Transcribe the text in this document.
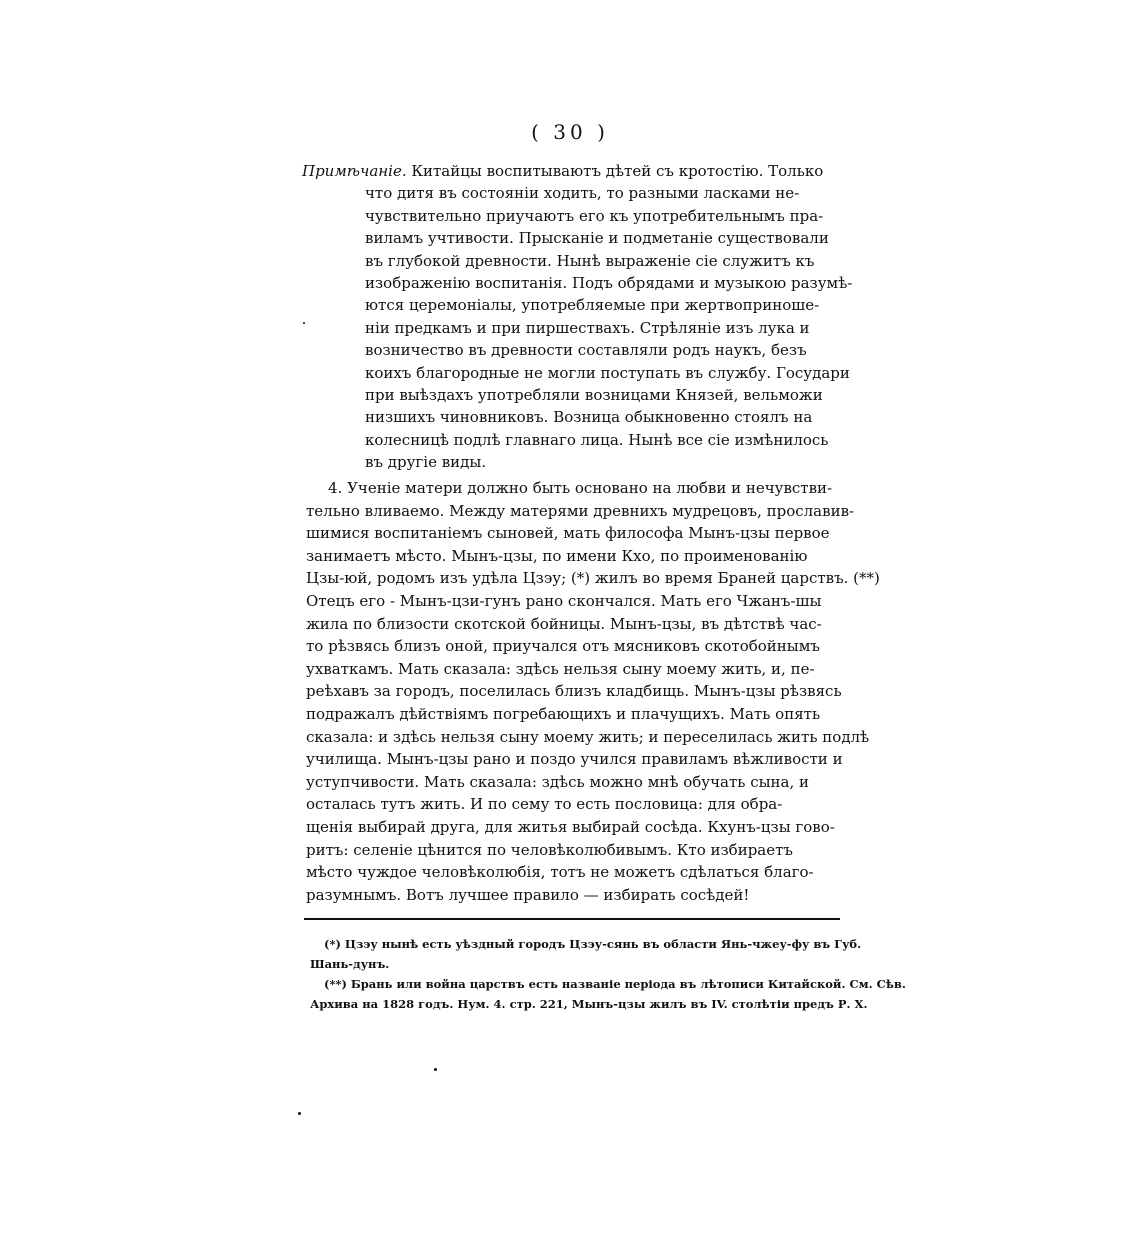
( 30 )
Примѣчаніе. Китайцы воспитываютъ дѣтей съ кротостію. Только
что дитя въ состояніи ходить, то разными ласками не-
чувствительно приучаютъ его къ употребительнымъ пра-
виламъ учтивости. Прысканіе и подметаніе существовали
въ глубокой древности. Нынѣ выраженіе сіе служитъ къ
изображенію воспитанія. Подъ обрядами и музыкою разумѣ-
ются церемоніалы, употребляемые при жертвоприноше-
ніи предкамъ и при пиршествахъ. Стрѣляніе изъ лука и
возничество въ древности составляли родъ наукъ, безъ
коихъ благородные не могли поступать въ службу. Государи
при выѣздахъ употребляли возницами Князей, вельможи
низшихъ чиновниковъ. Возница обыкновенно стоялъ на
колесницѣ подлѣ главнаго лица. Нынѣ все сіе измѣнилось
въ другіе виды.
4. Ученіе матери должно быть основано на любви и нечувстви-
тельно вливаемо. Между матерями древнихъ мудрецовъ, прославив-
шимися воспитаніемъ сыновей, мать философа Мынъ-цзы первое
занимаетъ мѣсто. Мынъ-цзы, по имени Кхо, по проименованію
Цзы-юй, родомъ изъ удѣла Цзэу; (*) жилъ во время Браней царствъ. (**)
Отецъ его - Мынъ-цзи-гунъ рано скончался. Мать его Чжанъ-шы
жила по близости скотской бойницы. Мынъ-цзы, въ дѣтствѣ час-
то рѣзвясь близъ оной, приучался отъ мясниковъ скотобойнымъ
ухваткамъ. Мать сказала: здѣсь нельзя сыну моему жить, и, пе-
реѣхавъ за городъ, поселилась близъ кладбищь. Мынъ-цзы рѣзвясь
подражалъ дѣйствіямъ погребающихъ и плачущихъ. Мать опять
сказала: и здѣсь нельзя сыну моему жить; и переселилась жить подлѣ
училища. Мынъ-цзы рано и поздо учился правиламъ вѣжливости и
уступчивости. Мать сказала: здѣсь можно мнѣ обучать сына, и
осталась тутъ жить. И по сему то есть пословица: для обра-
щенія выбирай друга, для житья выбирай сосѣда. Кхунъ-цзы гово-
ритъ: селеніе цѣнится по человѣколюбивымъ. Кто избираетъ
мѣсто чуждое человѣколюбія, тотъ не можетъ сдѣлаться благо-
разумнымъ. Вотъ лучшее правило — избирать сосѣдей!
(*) Цзэу нынѣ есть уѣздный городъ Цзэу-сянь въ области Янь-чжеу-фу въ Губ.
Шань-дунъ.
(**) Брань или война царствъ есть названіе періода въ лѣтописи Китайской. См. Сѣв.
Архива на 1828 годъ. Нум. 4. стр. 221, Мынъ-цзы жилъ въ IV. столѣтіи предъ Р. Х.
